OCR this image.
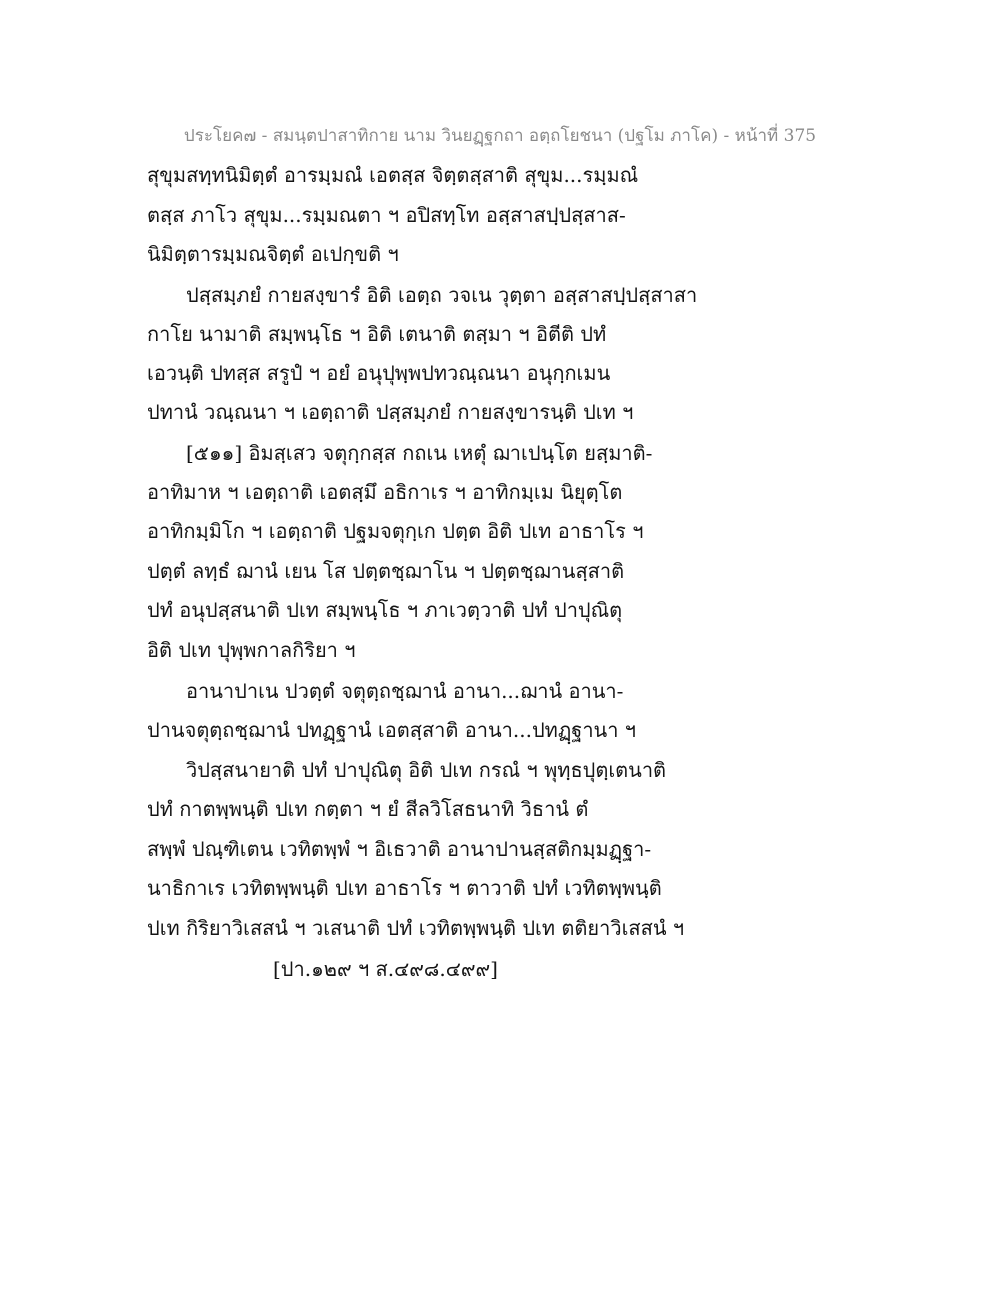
ประโยค๗ - สมนฺตปาสาทิกาย นาม วินยฏฺฐกถา อตฺถโยชนา (ปฐโม ภาโค) - หน้าที่ 375
สุขุมสทฺทนิมิตฺตํ อารมฺมณํ เอตสฺส จิตฺตสฺสาติ สุขุม...รมฺมณํ
ตสฺส ภาโว สุขุม...รมฺมณตา ฯ อปิสทฺโท อสฺสาสปฺปสฺสาส-
นิมิตฺตารมฺมณจิตฺตํ อเปกฺขติ ฯ
ปสฺสมฺภยํ กายสงฺขารํ อิติ เอตฺถ วจเน วุตฺตา อสฺสาสปฺปสฺสาสา
กาโย นามาติ สมฺพนฺโธ ฯ อิติ เตนาติ ตสฺมา ฯ อิตีติ ปทํ
เอวนฺติ ปทสฺส สรูปํ ฯ อยํ อนุปุพฺพปทวณฺณนา อนุกฺกเมน
ปทานํ วณฺณนา ฯ เอตฺถาติ ปสฺสมฺภยํ กายสงฺขารนฺติ ปเท ฯ
[๕๑๑] อิมสฺเสว จตุกฺกสฺส กถเน เหตุํ ฌาเปนฺโต ยสฺมาติ-
อาทิมาห ฯ เอตฺถาติ เอตสฺมึ อธิกาเร ฯ อาทิกมฺเม นิยุตฺโต
อาทิกมฺมิโก ฯ เอตฺถาติ ปฐมจตุกฺเก ปตฺต อิติ ปเท อาธาโร ฯ
ปตฺตํ ลทฺธํ ฌานํ เยน โส ปตฺตชฺฌาโน ฯ ปตฺตชฺฌานสฺสาติ
ปทํ อนุปสฺสนาติ ปเท สมฺพนฺโธ ฯ ภาเวตฺวาติ ปทํ ปาปุณิตุ
อิติ ปเท ปุพฺพกาลกิริยา ฯ
อานาปาเน ปวตฺตํ จตุตฺถชฺฌานํ อานา...ฌานํ อานา-
ปานจตุตฺถชฺฌานํ ปทฏฺฐานํ เอตสฺสาติ อานา...ปทฏฺฐานา ฯ
วิปสฺสนายาติ ปทํ ปาปุณิตุ อิติ ปเท กรณํ ฯ พุทฺธปุตฺเตนาติ
ปทํ กาตพฺพนฺติ ปเท กตฺตา ฯ ยํ สีลวิโสธนาทิ วิธานํ ตํ
สพฺพํ ปณฺฑิเตน เวทิตพฺพํ ฯ อิเธวาติ อานาปานสฺสติกมฺมฏฺฐา-
นาธิกาเร เวทิตพฺพนฺติ ปเท อาธาโร ฯ ตาวาติ ปทํ เวทิตพฺพนฺติ
ปเท กิริยาวิเสสนํ ฯ วเสนาติ ปทํ เวทิตพฺพนฺติ ปเท ตติยาวิเสสนํ ฯ
[ปา.๑๒๙ ฯ ส.๔๙๘.๔๙๙]
